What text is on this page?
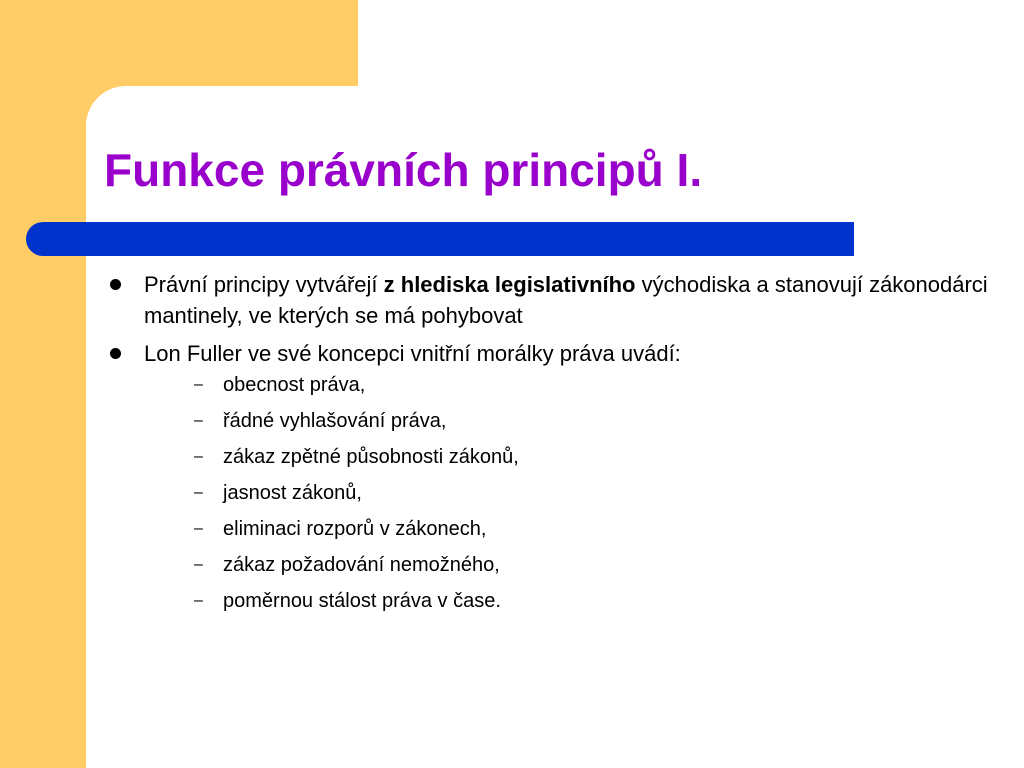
Funkce právních principů I.
Právní principy vytvářejí z hlediska legislativního východiska a stanovují zákonodárci mantinely, ve kterých se má pohybovat
Lon Fuller ve své koncepci vnitřní morálky práva uvádí:
– obecnost práva,
– řádné vyhlašování práva,
– zákaz zpětné působnosti zákonů,
– jasnost zákonů,
– eliminaci rozporů v zákonech,
– zákaz požadování nemožného,
– poměrnou stálost práva v čase.
